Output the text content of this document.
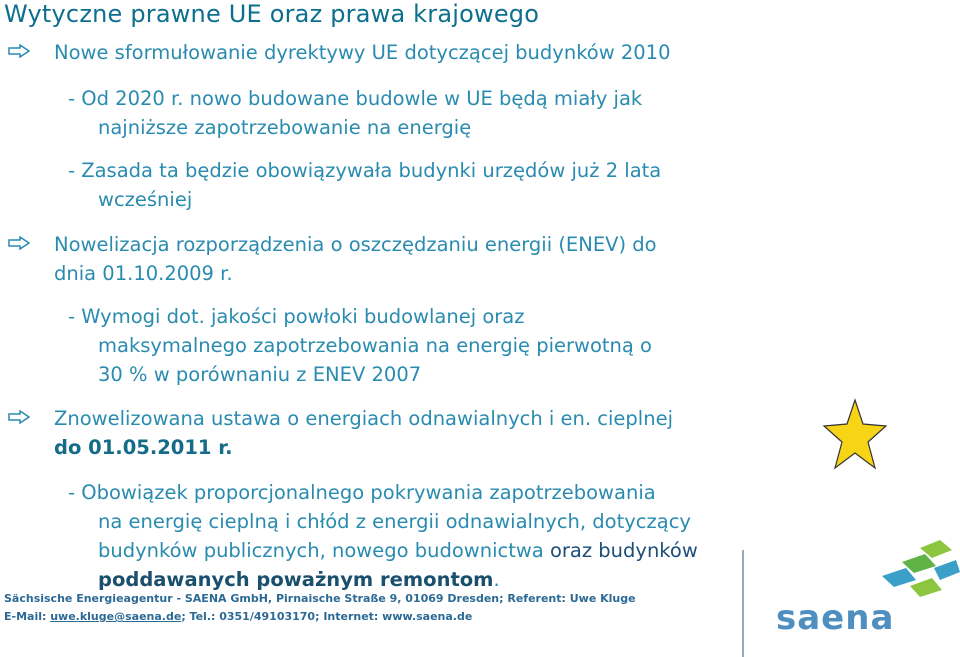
Wytyczne prawne UE oraz prawa krajowego
Nowe sformułowanie dyrektywy UE dotyczącej budynków 2010
- Od 2020 r. nowo budowane budowle w UE będą miały jak
najniższe zapotrzebowanie na energię
- Zasada ta będzie obowiązywała budynki urzędów już 2 lata
wcześniej
Nowelizacja rozporządzenia o oszczędzaniu energii (ENEV) do
dnia 01.10.2009 r.
- Wymogi dot. jakości powłoki budowlanej oraz
maksymalnego zapotrzebowania na energię pierwotną o
30 % w porównaniu z ENEV 2007
Znowelizowana ustawa o energiach odnawialnych i en. cieplnej
do 01.05.2011 r.
- Obowiązek proporcjonalnego pokrywania zapotrzebowania
na energię cieplną i chłód z energii odnawialnych, dotyczący
budynków publicznych, nowego budownictwa oraz budynków
poddawanych poważnym remontom.
Sächsische Energieagentur - SAENA GmbH, Pirnaische Straße 9, 01069 Dresden; Referent: Uwe Kluge
E-Mail: uwe.kluge@saena.de; Tel.: 0351/49103170; Internet: www.saena.de	saena
